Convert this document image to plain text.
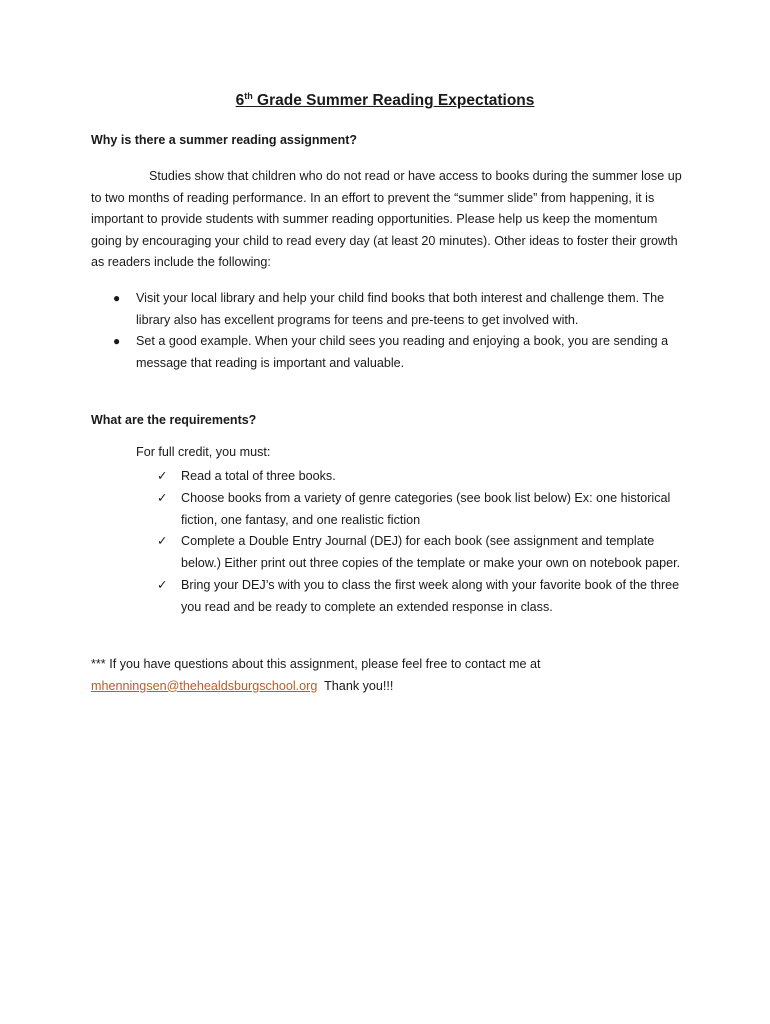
6th Grade Summer Reading Expectations
Why is there a summer reading assignment?
Studies show that children who do not read or have access to books during the summer lose up to two months of reading performance. In an effort to prevent the “summer slide” from happening, it is important to provide students with summer reading opportunities. Please help us keep the momentum going by encouraging your child to read every day (at least 20 minutes). Other ideas to foster their growth as readers include the following:
● Visit your local library and help your child find books that both interest and challenge them. The library also has excellent programs for teens and pre-teens to get involved with.
● Set a good example. When your child sees you reading and enjoying a book, you are sending a message that reading is important and valuable.
What are the requirements?
For full credit, you must:
✓ Read a total of three books.
✓ Choose books from a variety of genre categories (see book list below) Ex: one historical fiction, one fantasy, and one realistic fiction
✓ Complete a Double Entry Journal (DEJ) for each book (see assignment and template below.) Either print out three copies of the template or make your own on notebook paper.
✓ Bring your DEJ’s with you to class the first week along with your favorite book of the three you read and be ready to complete an extended response in class.
*** If you have questions about this assignment, please feel free to contact me at
mhenningsen@thehealdsburgschool.org  Thank you!!!
